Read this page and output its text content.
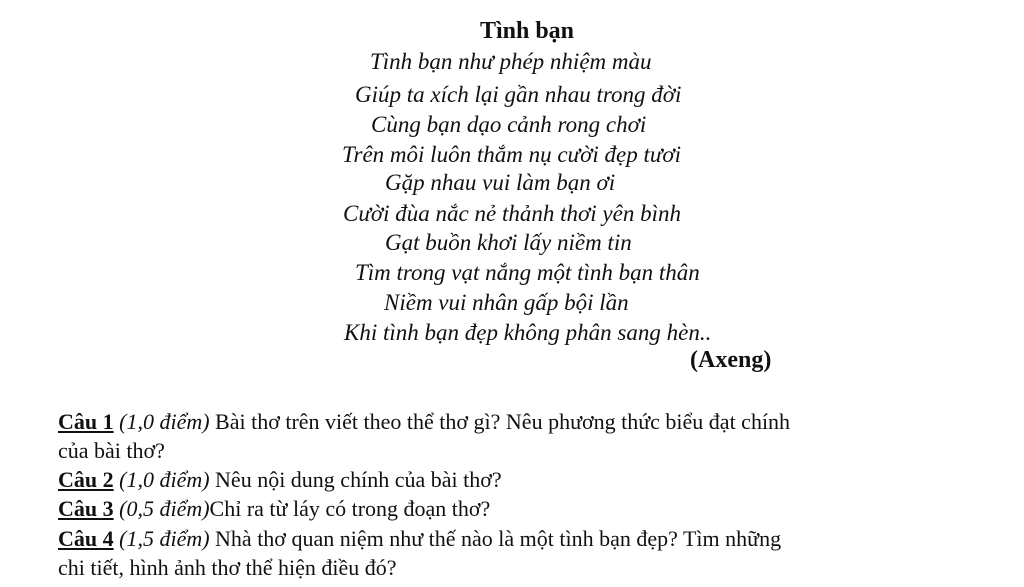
Tình bạn
Tình bạn như phép nhiệm màu
Giúp ta xích lại gần nhau trong đời
Cùng bạn dạo cảnh rong chơi
Trên môi luôn thắm nụ cười đẹp tươi
Gặp nhau vui làm bạn ơi
Cười đùa nắc nẻ thảnh thơi yên bình
Gạt buồn khơi lấy niềm tin
Tìm trong vạt nắng một tình bạn thân
Niềm vui nhân gấp bội lần
Khi tình bạn đẹp không phân sang hèn..
(Axeng)
Câu 1 (1,0 điểm) Bài thơ trên viết theo thể thơ gì? Nêu phương thức biểu đạt chính
của bài thơ?
Câu 2 (1,0 điểm) Nêu nội dung chính của bài thơ?
Câu 3 (0,5 điểm)Chỉ ra từ láy có trong đoạn thơ?
Câu 4 (1,5 điểm) Nhà thơ quan niệm như thế nào là một tình bạn đẹp? Tìm những
chi tiết, hình ảnh thơ thể hiện điều đó?
